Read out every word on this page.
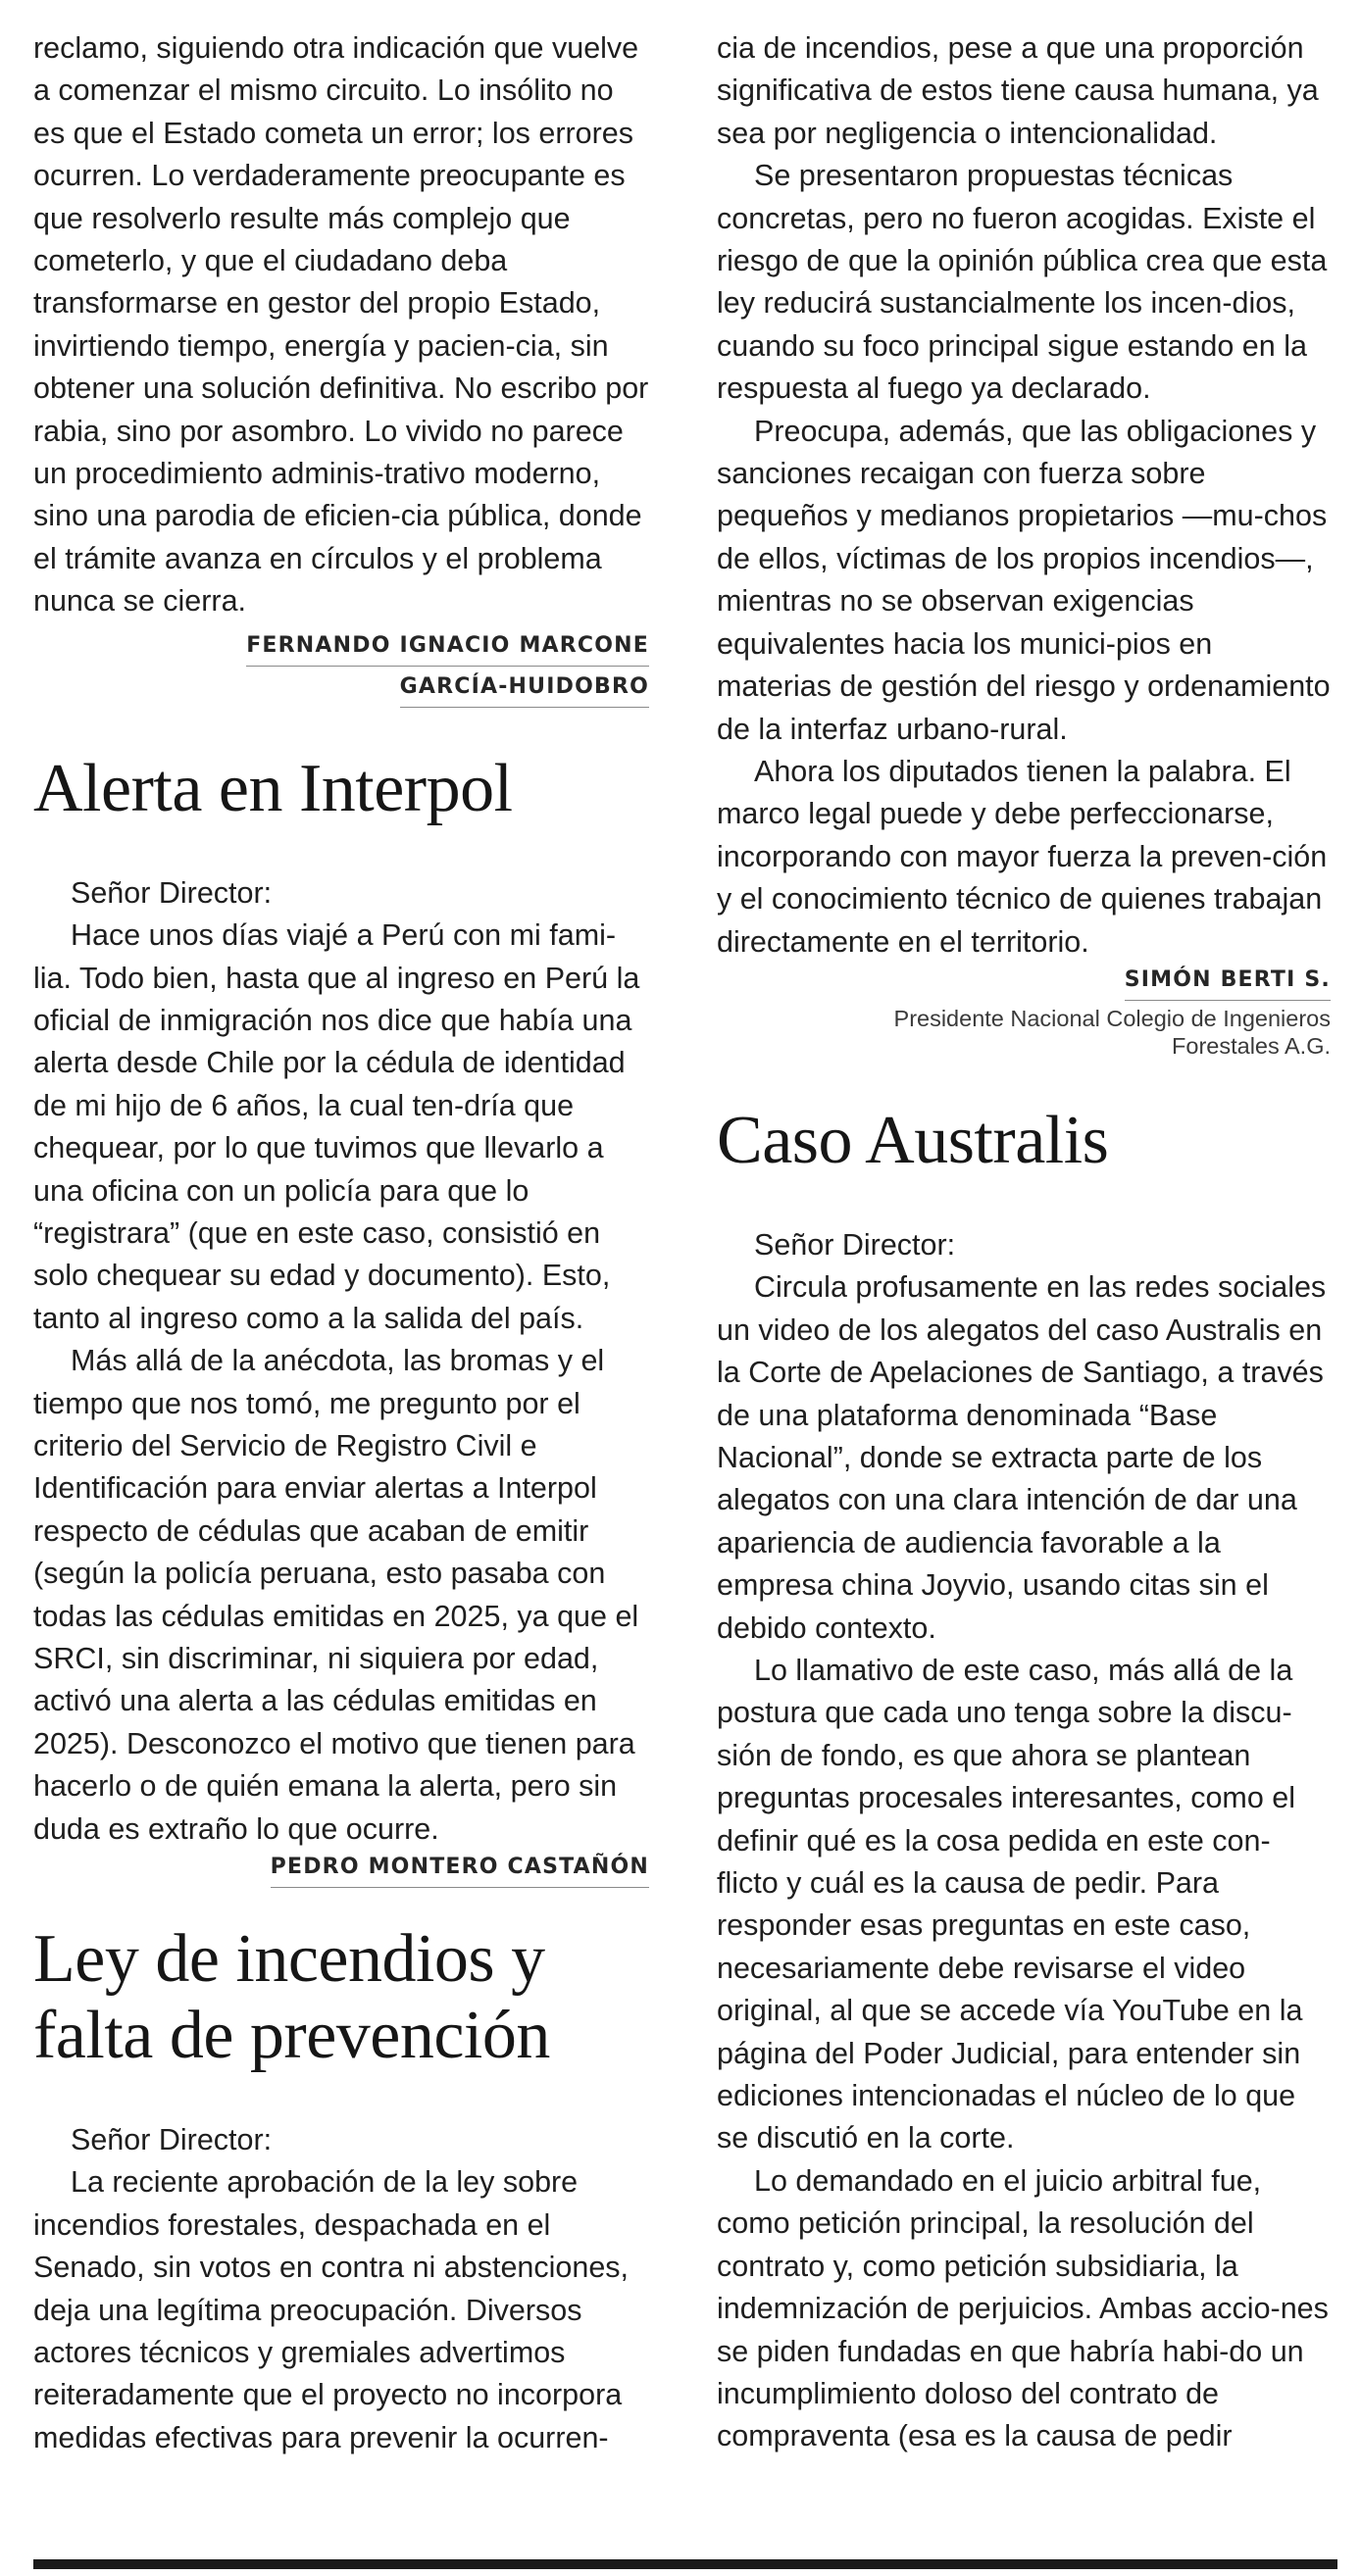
reclamo, siguiendo otra indicación que vuelve a comenzar el mismo circuito. Lo insólito no es que el Estado cometa un error; los errores ocurren. Lo verdaderamente preocupante es que resolverlo resulte más complejo que cometerlo, y que el ciudadano deba transformarse en gestor del propio Estado, invirtiendo tiempo, energía y pacien-cia, sin obtener una solución definitiva. No escribo por rabia, sino por asombro. Lo vivido no parece un procedimiento adminis-trativo moderno, sino una parodia de eficien-cia pública, donde el trámite avanza en círculos y el problema nunca se cierra.

FERNANDO IGNACIO MARCONE

GARCÍA-HUIDOBRO

Alerta en Interpol

Señor Director:

Hace unos días viajé a Perú con mi fami-lia. Todo bien, hasta que al ingreso en Perú la oficial de inmigración nos dice que había una alerta desde Chile por la cédula de identidad de mi hijo de 6 años, la cual ten-dría que chequear, por lo que tuvimos que llevarlo a una oficina con un policía para que lo “registrara” (que en este caso, consistió en solo chequear su edad y documento). Esto, tanto al ingreso como a la salida del país.

Más allá de la anécdota, las bromas y el tiempo que nos tomó, me pregunto por el criterio del Servicio de Registro Civil e Identificación para enviar alertas a Interpol respecto de cédulas que acaban de emitir (según la policía peruana, esto pasaba con todas las cédulas emitidas en 2025, ya que el SRCI, sin discriminar, ni siquiera por edad, activó una alerta a las cédulas emitidas en 2025). Desconozco el motivo que tienen para hacerlo o de quién emana la alerta, pero sin duda es extraño lo que ocurre.

PEDRO MONTERO CASTAÑÓN

Ley de incendios y
falta de prevención

Señor Director:

La reciente aprobación de la ley sobre incendios forestales, despachada en el Senado, sin votos en contra ni abstenciones, deja una legítima preocupación. Diversos actores técnicos y gremiales advertimos reiteradamente que el proyecto no incorpora medidas efectivas para prevenir la ocurren-

cia de incendios, pese a que una proporción significativa de estos tiene causa humana, ya sea por negligencia o intencionalidad.

Se presentaron propuestas técnicas concretas, pero no fueron acogidas. Existe el riesgo de que la opinión pública crea que esta ley reducirá sustancialmente los incen-dios, cuando su foco principal sigue estando en la respuesta al fuego ya declarado.

Preocupa, además, que las obligaciones y sanciones recaigan con fuerza sobre pequeños y medianos propietarios —mu-chos de ellos, víctimas de los propios incendios—, mientras no se observan exigencias equivalentes hacia los munici-pios en materias de gestión del riesgo y ordenamiento de la interfaz urbano-rural.

Ahora los diputados tienen la palabra. El marco legal puede y debe perfeccionarse, incorporando con mayor fuerza la preven-ción y el conocimiento técnico de quienes trabajan directamente en el territorio.

SIMÓN BERTI S.

Presidente Nacional Colegio de Ingenieros

Forestales A.G.

Caso Australis

Señor Director:

Circula profusamente en las redes sociales un video de los alegatos del caso Australis en la Corte de Apelaciones de Santiago, a través de una plataforma denominada “Base Nacional”, donde se extracta parte de los alegatos con una clara intención de dar una apariencia de audiencia favorable a la empresa china Joyvio, usando citas sin el debido contexto.

Lo llamativo de este caso, más allá de la postura que cada uno tenga sobre la discu-sión de fondo, es que ahora se plantean preguntas procesales interesantes, como el definir qué es la cosa pedida en este con-flicto y cuál es la causa de pedir. Para responder esas preguntas en este caso, necesariamente debe revisarse el video original, al que se accede vía YouTube en la página del Poder Judicial, para entender sin ediciones intencionadas el núcleo de lo que se discutió en la corte.

Lo demandado en el juicio arbitral fue, como petición principal, la resolución del contrato y, como petición subsidiaria, la indemnización de perjuicios. Ambas accio-nes se piden fundadas en que habría habi-do un incumplimiento doloso del contrato de compraventa (esa es la causa de pedir
